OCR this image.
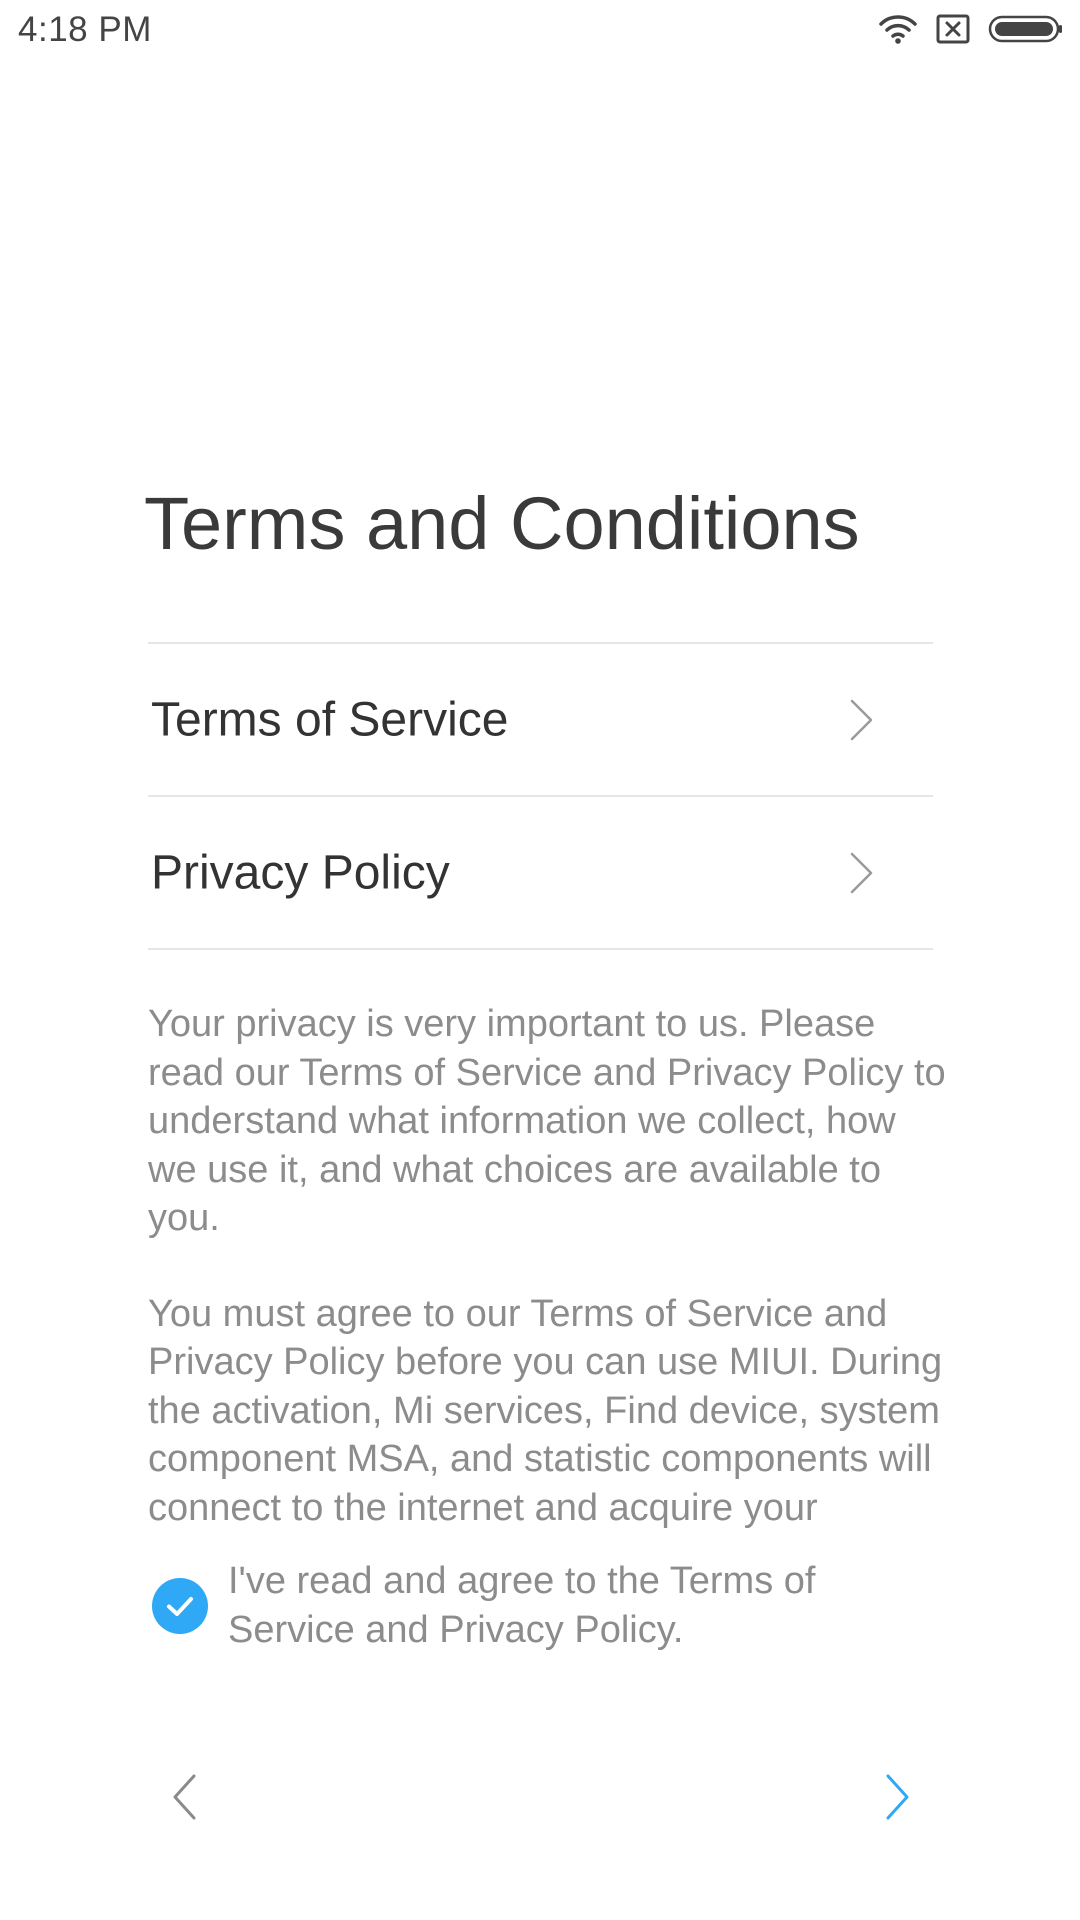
4:18 PM
Terms and Conditions
Terms of Service
Privacy Policy

Your privacy is very important to us. Please read our Terms of Service and Privacy Policy to understand what information we collect, how we use it, and what choices are available to you.

You must agree to our Terms of Service and Privacy Policy before you can use MIUI. During the activation, Mi services, Find device, system component MSA, and statistic components will connect to the internet and acquire your

I've read and agree to the Terms of Service and Privacy Policy.
